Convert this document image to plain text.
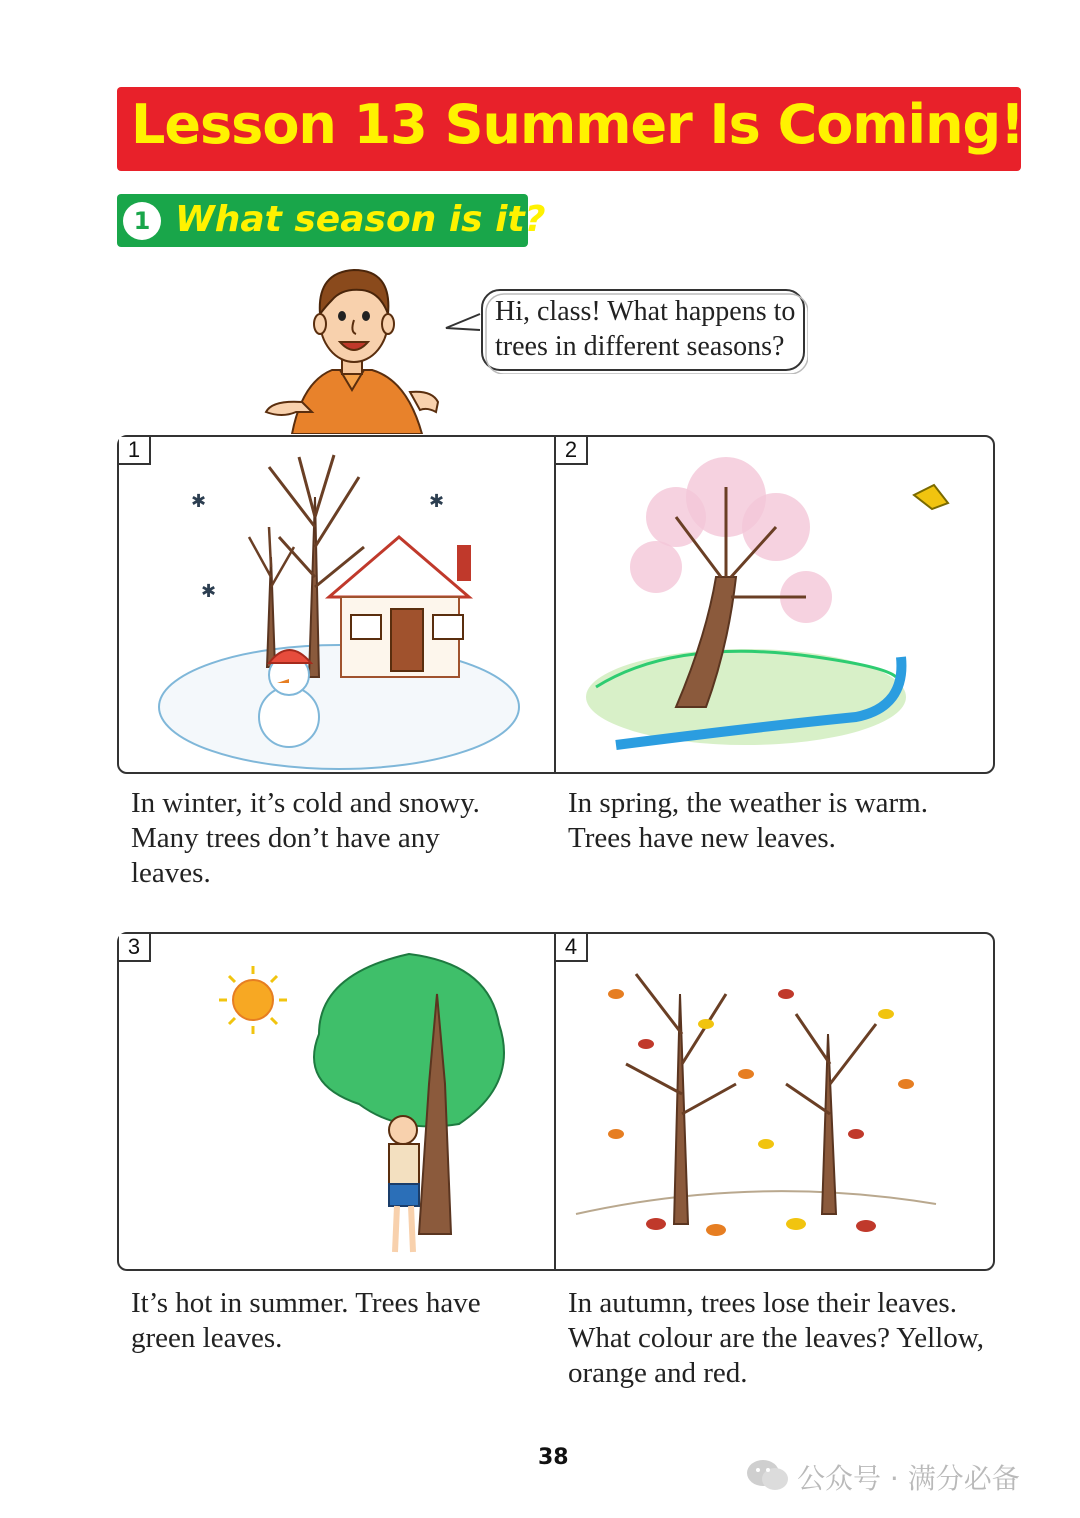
Lesson 13 Summer Is Coming!
1 What season is it?
Hi, class! What happens to trees in different seasons?
✱	✱
✱
1	2
In winter, it’s cold and snowy. Many trees don’t have any leaves.
In spring, the weather is warm. Trees have new leaves.
3	4
It’s hot in summer. Trees have green leaves.
In autumn, trees lose their leaves. What colour are the leaves? Yellow, orange and red.
38
公众号 · 满分必备
